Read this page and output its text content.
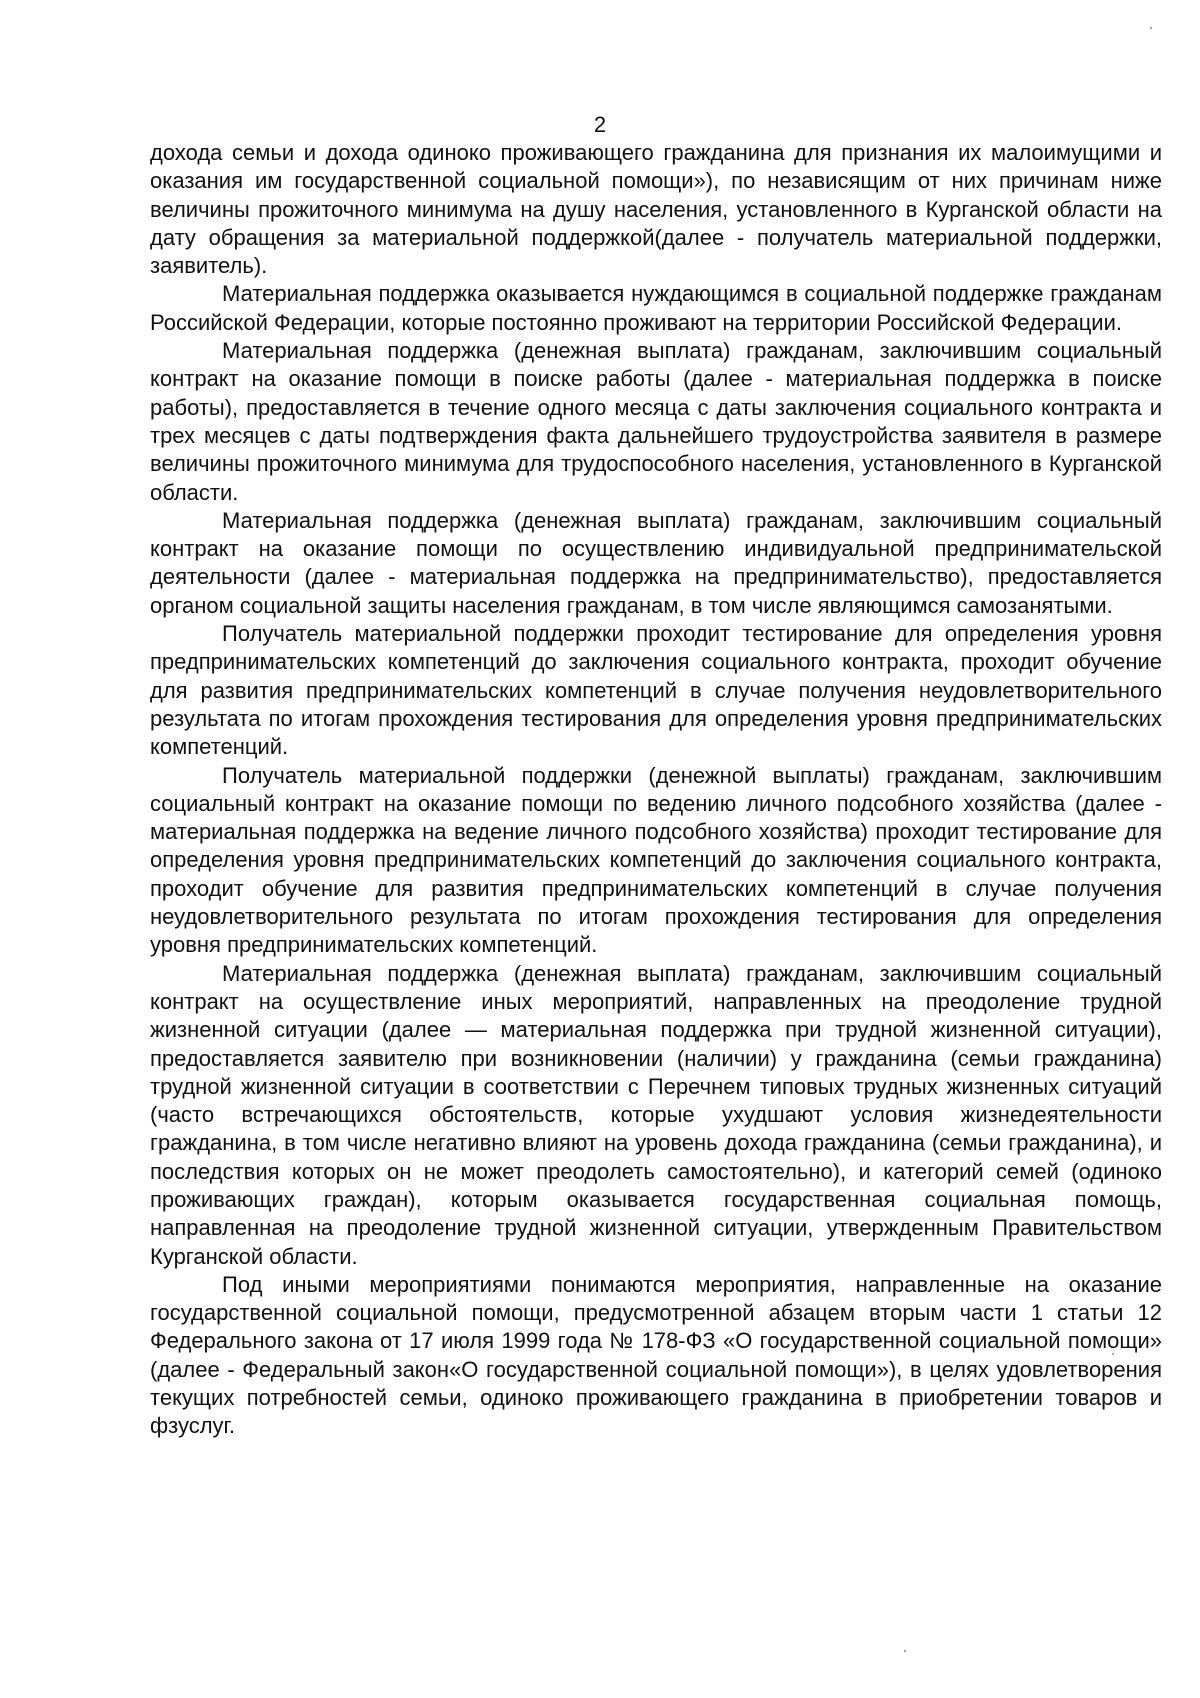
2

дохода семьи и дохода одиноко проживающего гражданина для признания их малоимущими и оказания им государственной социальной помощи»), по независящим от них причинам ниже величины прожиточного минимума на душу населения, установленного в Курганской области на дату обращения за материальной поддержкой(далее - получатель материальной поддержки, заявитель).

Материальная поддержка оказывается нуждающимся в социальной поддержке гражданам Российской Федерации, которые постоянно проживают на территории Российской Федерации.

Материальная поддержка (денежная выплата) гражданам, заключившим социальный контракт на оказание помощи в поиске работы (далее - материальная поддержка в поиске работы), предоставляется в течение одного месяца с даты заключения социального контракта и трех месяцев с даты подтверждения факта дальнейшего трудоустройства заявителя в размере величины прожиточного минимума для трудоспособного населения, установленного в Курганской области.

Материальная поддержка (денежная выплата) гражданам, заключившим социальный контракт на оказание помощи по осуществлению индивидуальной предпринимательской деятельности (далее - материальная поддержка на предпринимательство), предоставляется органом социальной защиты населения гражданам, в том числе являющимся самозанятыми.

Получатель материальной поддержки проходит тестирование для определения уровня предпринимательских компетенций до заключения социального контракта, проходит обучение для развития предпринимательских компетенций в случае получения неудовлетворительного результата по итогам прохождения тестирования для определения уровня предпринимательских компетенций.

Получатель материальной поддержки (денежной выплаты) гражданам, заключившим социальный контракт на оказание помощи по ведению личного подсобного хозяйства (далее - материальная поддержка на ведение личного подсобного хозяйства) проходит тестирование для определения уровня предпринимательских компетенций до заключения социального контракта, проходит обучение для развития предпринимательских компетенций в случае получения неудовлетворительного результата по итогам прохождения тестирования для определения уровня предпринимательских компетенций.

Материальная поддержка (денежная выплата) гражданам, заключившим социальный контракт на осуществление иных мероприятий, направленных на преодоление трудной жизненной ситуации (далее — материальная поддержка при трудной жизненной ситуации), предоставляется заявителю при возникновении (наличии) у гражданина (семьи гражданина) трудной жизненной ситуации в соответствии с Перечнем типовых трудных жизненных ситуаций (часто встречающихся обстоятельств, которые ухудшают условия жизнедеятельности гражданина, в том числе негативно влияют на уровень дохода гражданина (семьи гражданина), и последствия которых он не может преодолеть самостоятельно), и категорий семей (одиноко проживающих граждан), которым оказывается государственная социальная помощь, направленная на преодоление трудной жизненной ситуации, утвержденным Правительством Курганской области.

Под иными мероприятиями понимаются мероприятия, направленные на оказание государственной социальной помощи, предусмотренной абзацем вторым части 1 статьи 12 Федерального закона от 17 июля 1999 года № 178-ФЗ «О государственной социальной помощи» (далее - Федеральный закон«О государственной социальной помощи»), в целях удовлетворения текущих потребностей семьи, одиноко проживающего гражданина в приобретении товаров и фзуслуг.
